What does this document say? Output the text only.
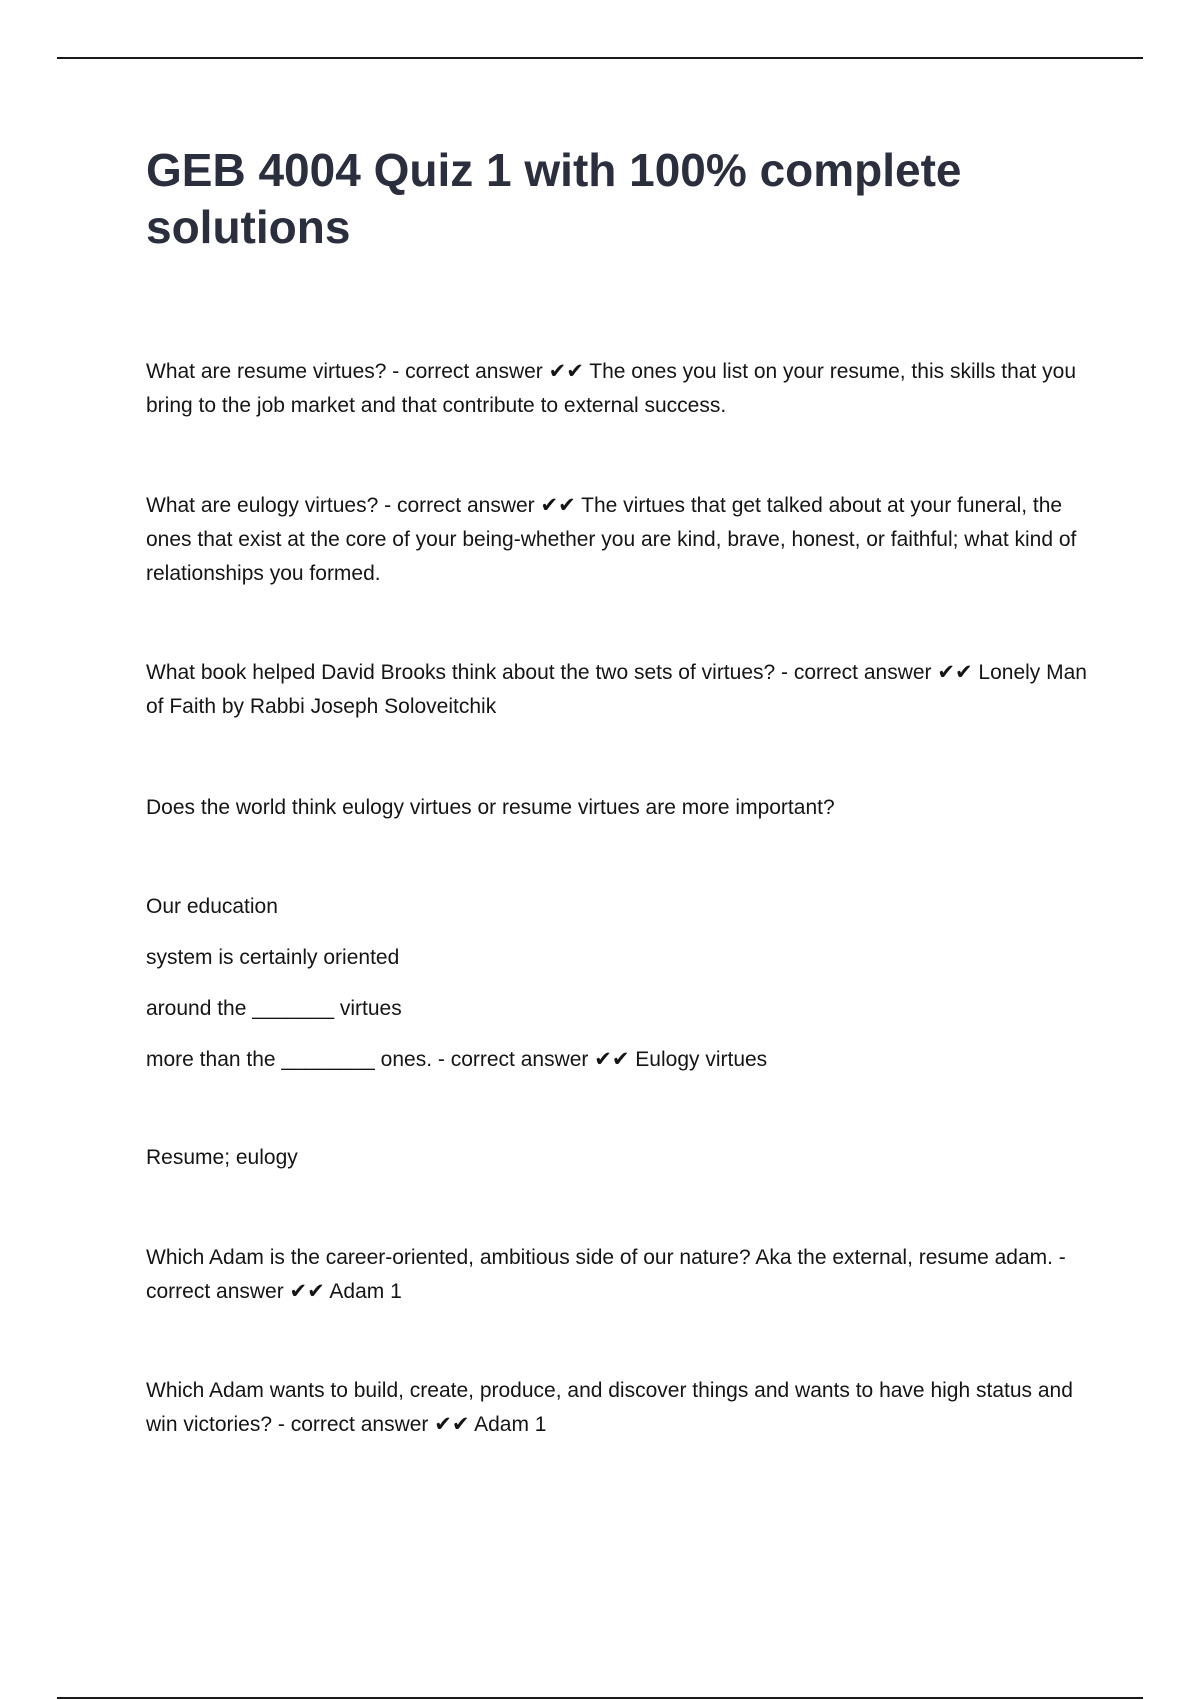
GEB 4004 Quiz 1 with 100% complete solutions

What are resume virtues? - correct answer ✔✔ The ones you list on your resume, this skills that you bring to the job market and that contribute to external success.

What are eulogy virtues? - correct answer ✔✔ The virtues that get talked about at your funeral, the ones that exist at the core of your being-whether you are kind, brave, honest, or faithful; what kind of relationships you formed.

What book helped David Brooks think about the two sets of virtues? - correct answer ✔✔ Lonely Man of Faith by Rabbi Joseph Soloveitchik

Does the world think eulogy virtues or resume virtues are more important?

Our education

system is certainly oriented

around the _______ virtues

more than the ________ ones. - correct answer ✔✔ Eulogy virtues

Resume; eulogy

Which Adam is the career-oriented, ambitious side of our nature? Aka the external, resume adam. - correct answer ✔✔ Adam 1

Which Adam wants to build, create, produce, and discover things and wants to have high status and win victories? - correct answer ✔✔ Adam 1
